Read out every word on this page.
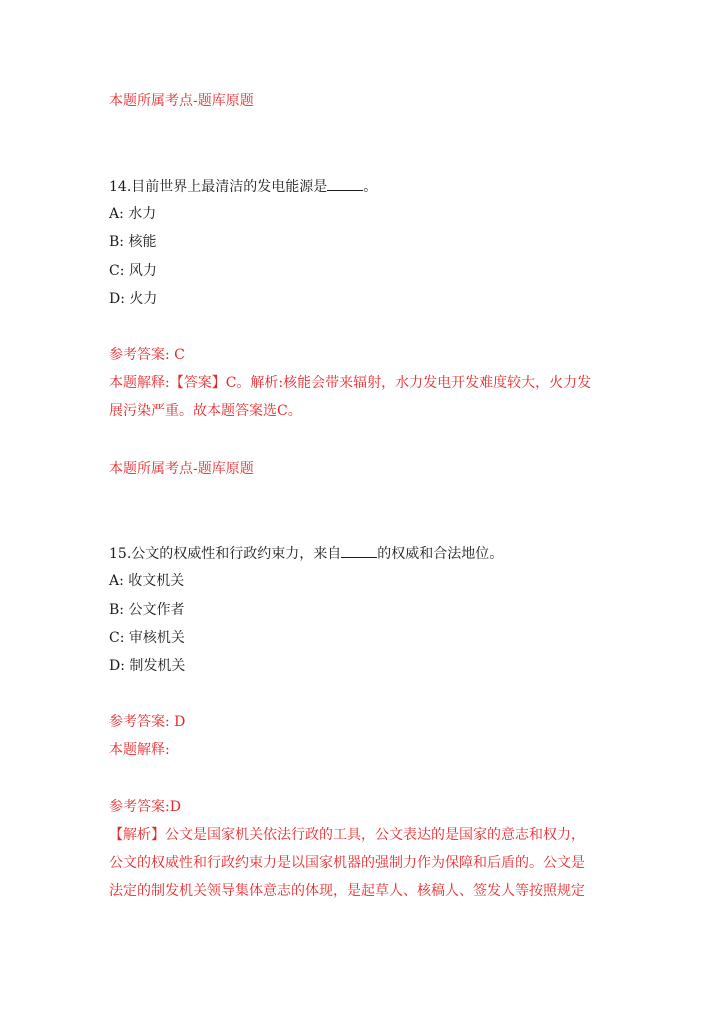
本题所属考点-题库原题
14.目前世界上最清洁的发电能源是	。
A: 水力
B: 核能
C: 风力
D: 火力
参考答案: C
本题解释:【答案】C。解析:核能会带来辐射，水力发电开发难度较大，火力发
展污染严重。故本题答案选C。
本题所属考点-题库原题
15.公文的权威性和行政约束力，来自	的权威和合法地位。
A: 收文机关
B: 公文作者
C: 审核机关
D: 制发机关
参考答案: D
本题解释:
参考答案:D
【解析】公文是国家机关依法行政的工具，公文表达的是国家的意志和权力，
公文的权威性和行政约束力是以国家机器的强制力作为保障和后盾的。公文是
法定的制发机关领导集体意志的体现，是起草人、核稿人、签发人等按照规定
